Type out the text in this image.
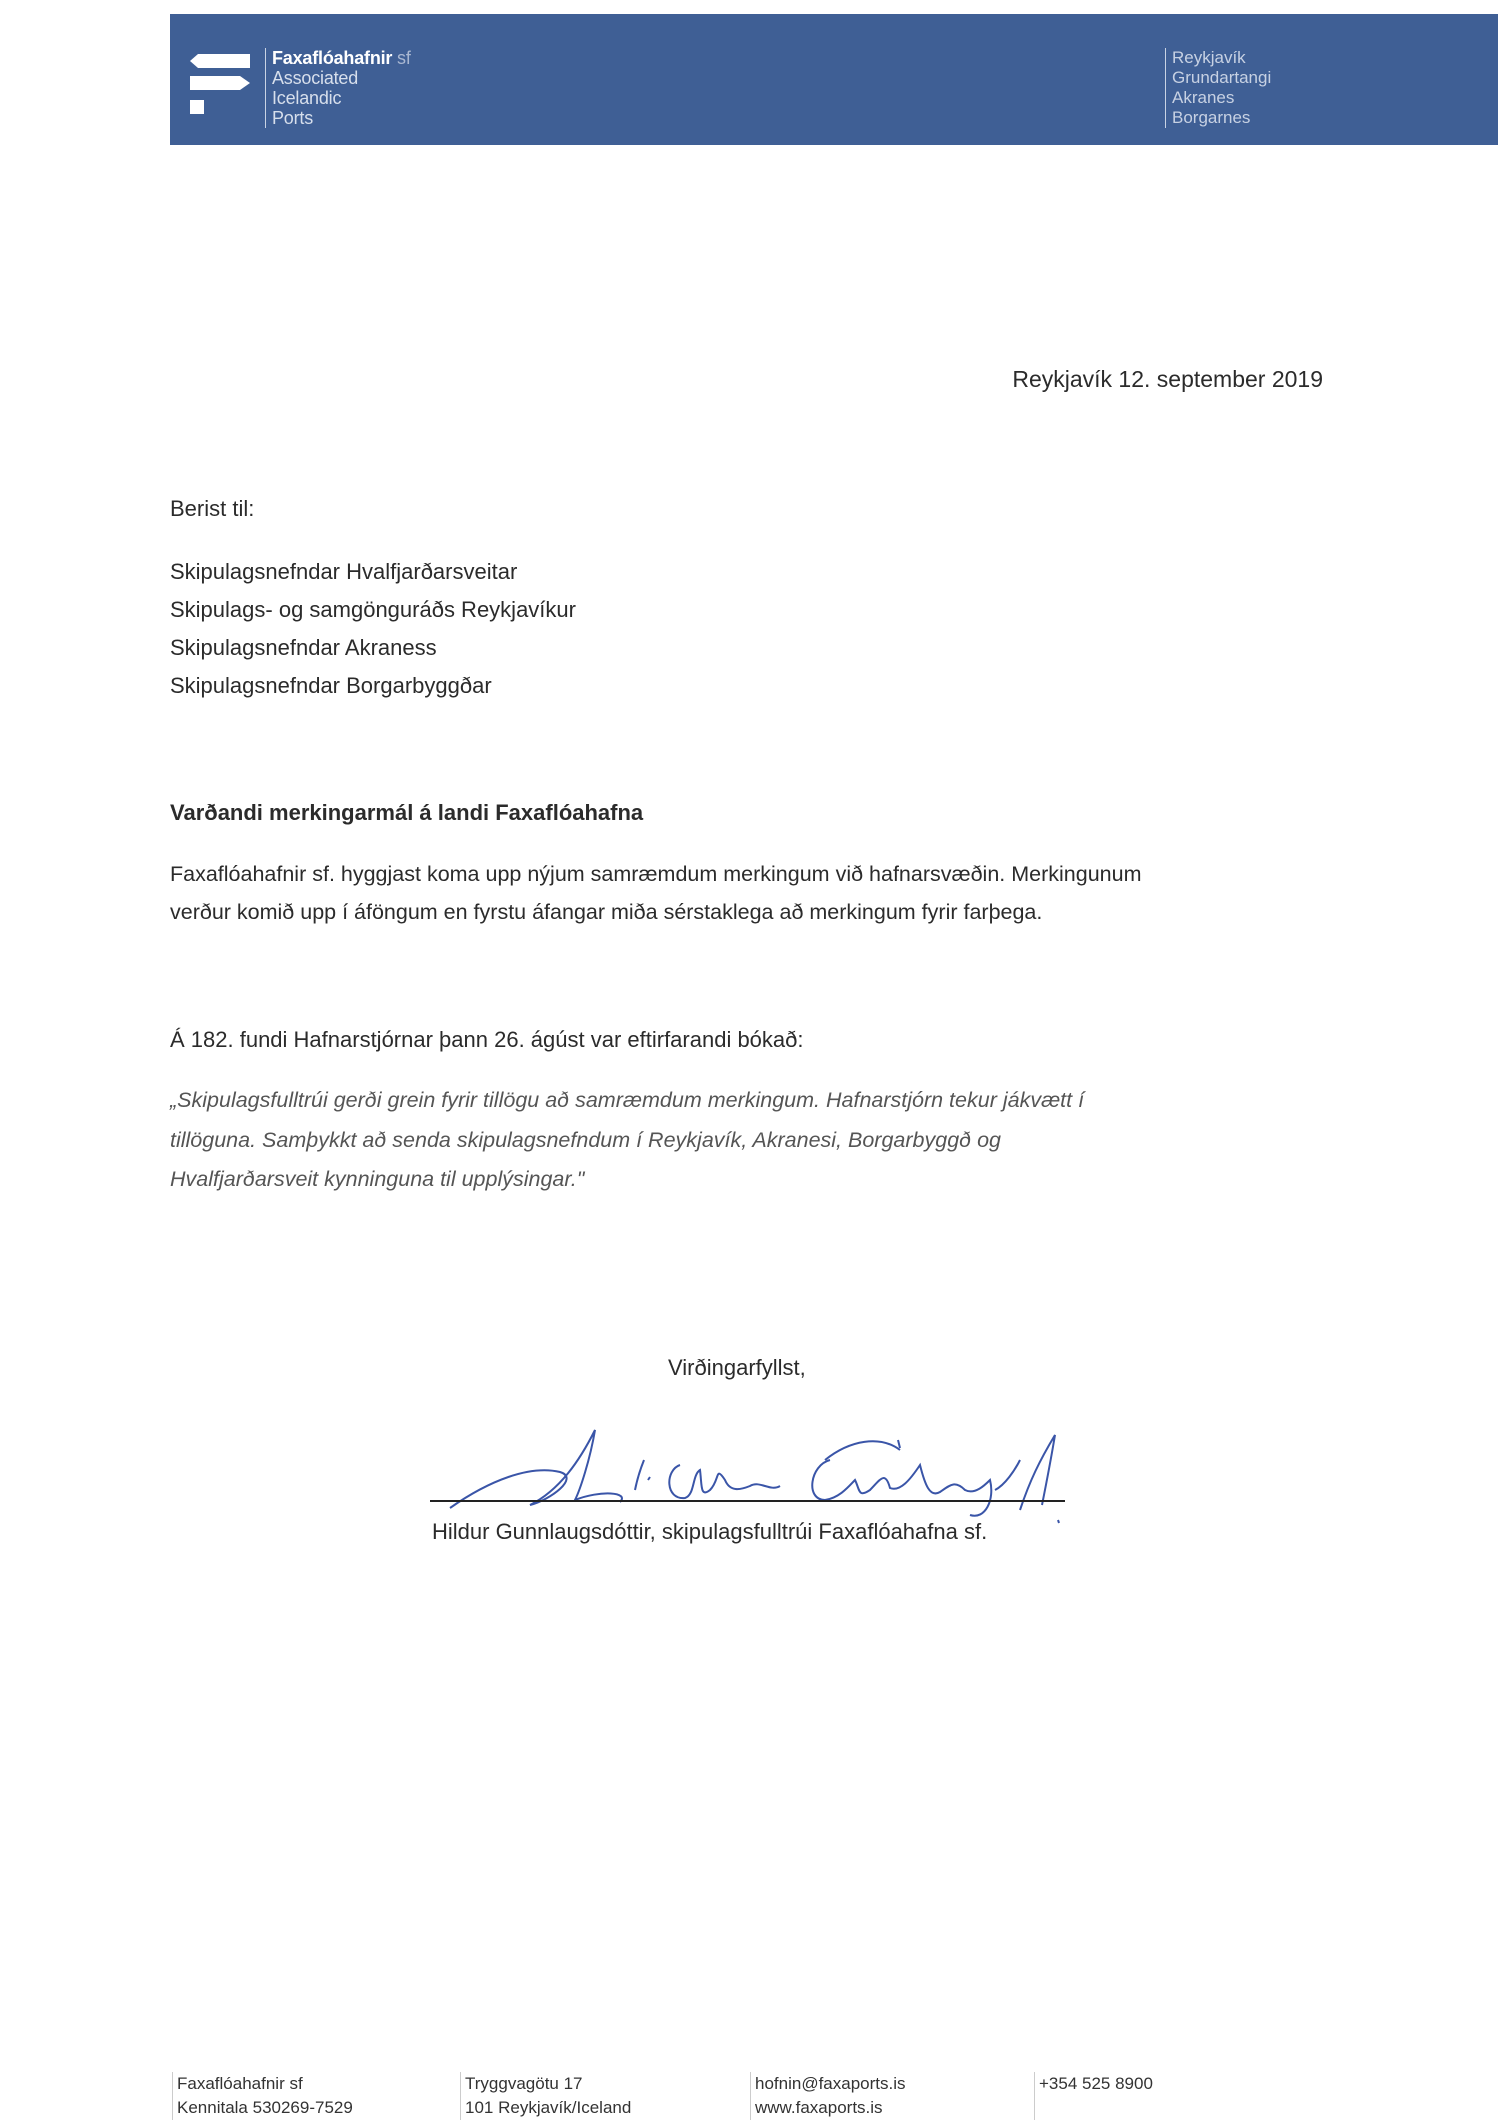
Faxaflóahafnir sf
Associated
Icelandic
Ports
Reykjavík
Grundartangi
Akranes
Borgarnes
Reykjavík 12. september 2019
Berist til:
Skipulagsnefndar Hvalfjarðarsveitar
Skipulags- og samgönguráðs Reykjavíkur
Skipulagsnefndar Akraness
Skipulagsnefndar Borgarbyggðar
Varðandi merkingarmál á landi Faxaflóahafna
Faxaflóahafnir sf. hyggjast koma upp nýjum samræmdum merkingum við hafnarsvæðin. Merkingunum
verður komið upp í áföngum en fyrstu áfangar miða sérstaklega að merkingum fyrir farþega.
Á 182. fundi Hafnarstjórnar þann 26. ágúst var eftirfarandi bókað:
„Skipulagsfulltrúi gerði grein fyrir tillögu að samræmdum merkingum. Hafnarstjórn tekur jákvætt í
tillöguna. Samþykkt að senda skipulagsnefndum í Reykjavík, Akranesi, Borgarbyggð og
Hvalfjarðarsveit kynninguna til upplýsingar."
Virðingarfyllst,
Hildur Gunnlaugsdóttir, skipulagsfulltrúi Faxaflóahafna sf.
Faxaflóahafnir sf
Kennitala 530269-7529
Tryggvagötu 17
101 Reykjavík/Iceland
hofnin@faxaports.is
www.faxaports.is
+354 525 8900
